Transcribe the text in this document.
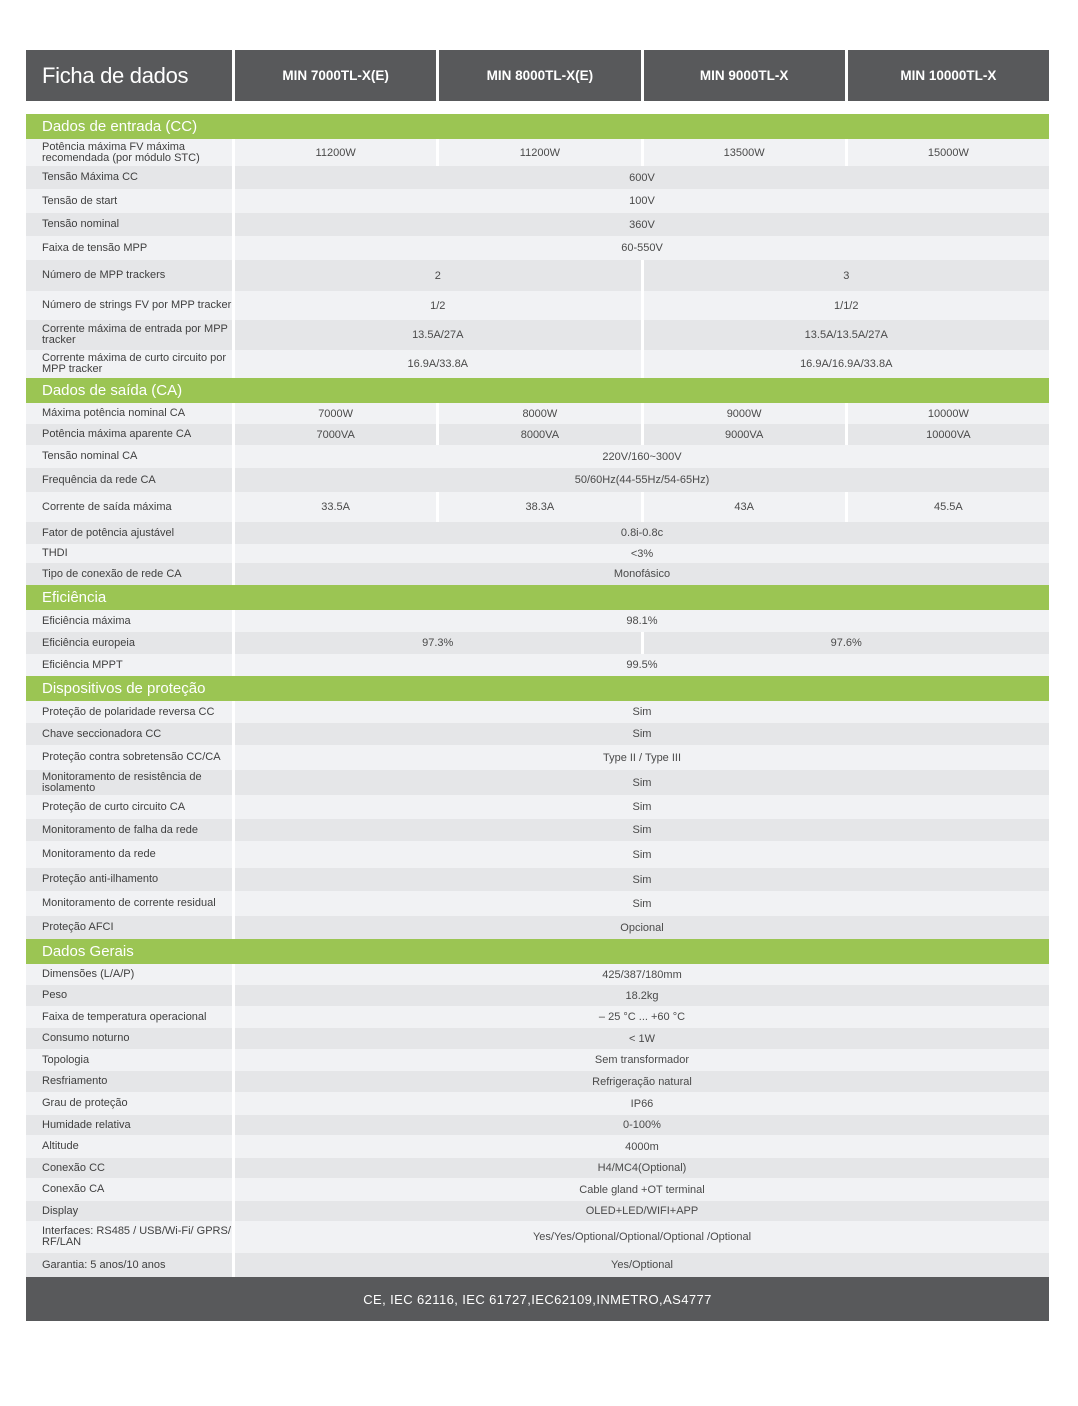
Ficha de dados	MIN 7000TL-X(E)	MIN 8000TL-X(E)	MIN 9000TL-X	MIN 10000TL-X
Dados de entrada (CC)
Potência máxima FV máxima recomendada (por módulo STC)	11200W	11200W	13500W	15000W
Tensão Máxima CC	600V
Tensão de start	100V
Tensão nominal	360V
Faixa de tensão MPP	60-550V
Número de MPP trackers	2	3
Número de strings FV por MPP tracker	1/2	1/1/2
Corrente máxima de entrada por MPP tracker	13.5A/27A	13.5A/13.5A/27A
Corrente máxima de curto circuito por MPP tracker	16.9A/33.8A	16.9A/16.9A/33.8A
Dados de saída (CA)
Máxima potência nominal CA	7000W	8000W	9000W	10000W
Potência máxima aparente CA	7000VA	8000VA	9000VA	10000VA
Tensão nominal CA	220V/160~300V
Frequência da rede CA	50/60Hz(44-55Hz/54-65Hz)
Corrente de saída máxima	33.5A	38.3A	43A	45.5A
Fator de potência ajustável	0.8i-0.8c
THDI	<3%
Tipo de conexão de rede CA	Monofásico
Eficiência
Eficiência máxima	98.1%
Eficiência europeia	97.3%	97.6%
Eficiência MPPT	99.5%
Dispositivos de proteção
Proteção de polaridade reversa CC	Sim
Chave seccionadora CC	Sim
Proteção contra sobretensão CC/CA	Type II / Type III
Monitoramento de resistência de isolamento	Sim
Proteção de curto circuito CA	Sim
Monitoramento de falha da rede	Sim
Monitoramento da rede	Sim
Proteção anti-ilhamento	Sim
Monitoramento de corrente residual	Sim
Proteção AFCI	Opcional
Dados Gerais
Dimensões (L/A/P)	425/387/180mm
Peso	18.2kg
Faixa de temperatura operacional	– 25 °C ... +60 °C
Consumo noturno	< 1W
Topologia	Sem transformador
Resfriamento	Refrigeração natural
Grau de proteção	IP66
Humidade relativa	0-100%
Altitude	4000m
Conexão CC	H4/MC4(Optional)
Conexão CA	Cable gland +OT terminal
Display	OLED+LED/WIFI+APP
Interfaces: RS485 / USB/Wi-Fi/ GPRS/ RF/LAN	Yes/Yes/Optional/Optional/Optional /Optional
Garantia: 5 anos/10 anos	Yes/Optional
CE, IEC 62116, IEC 61727,IEC62109,INMETRO,AS4777
